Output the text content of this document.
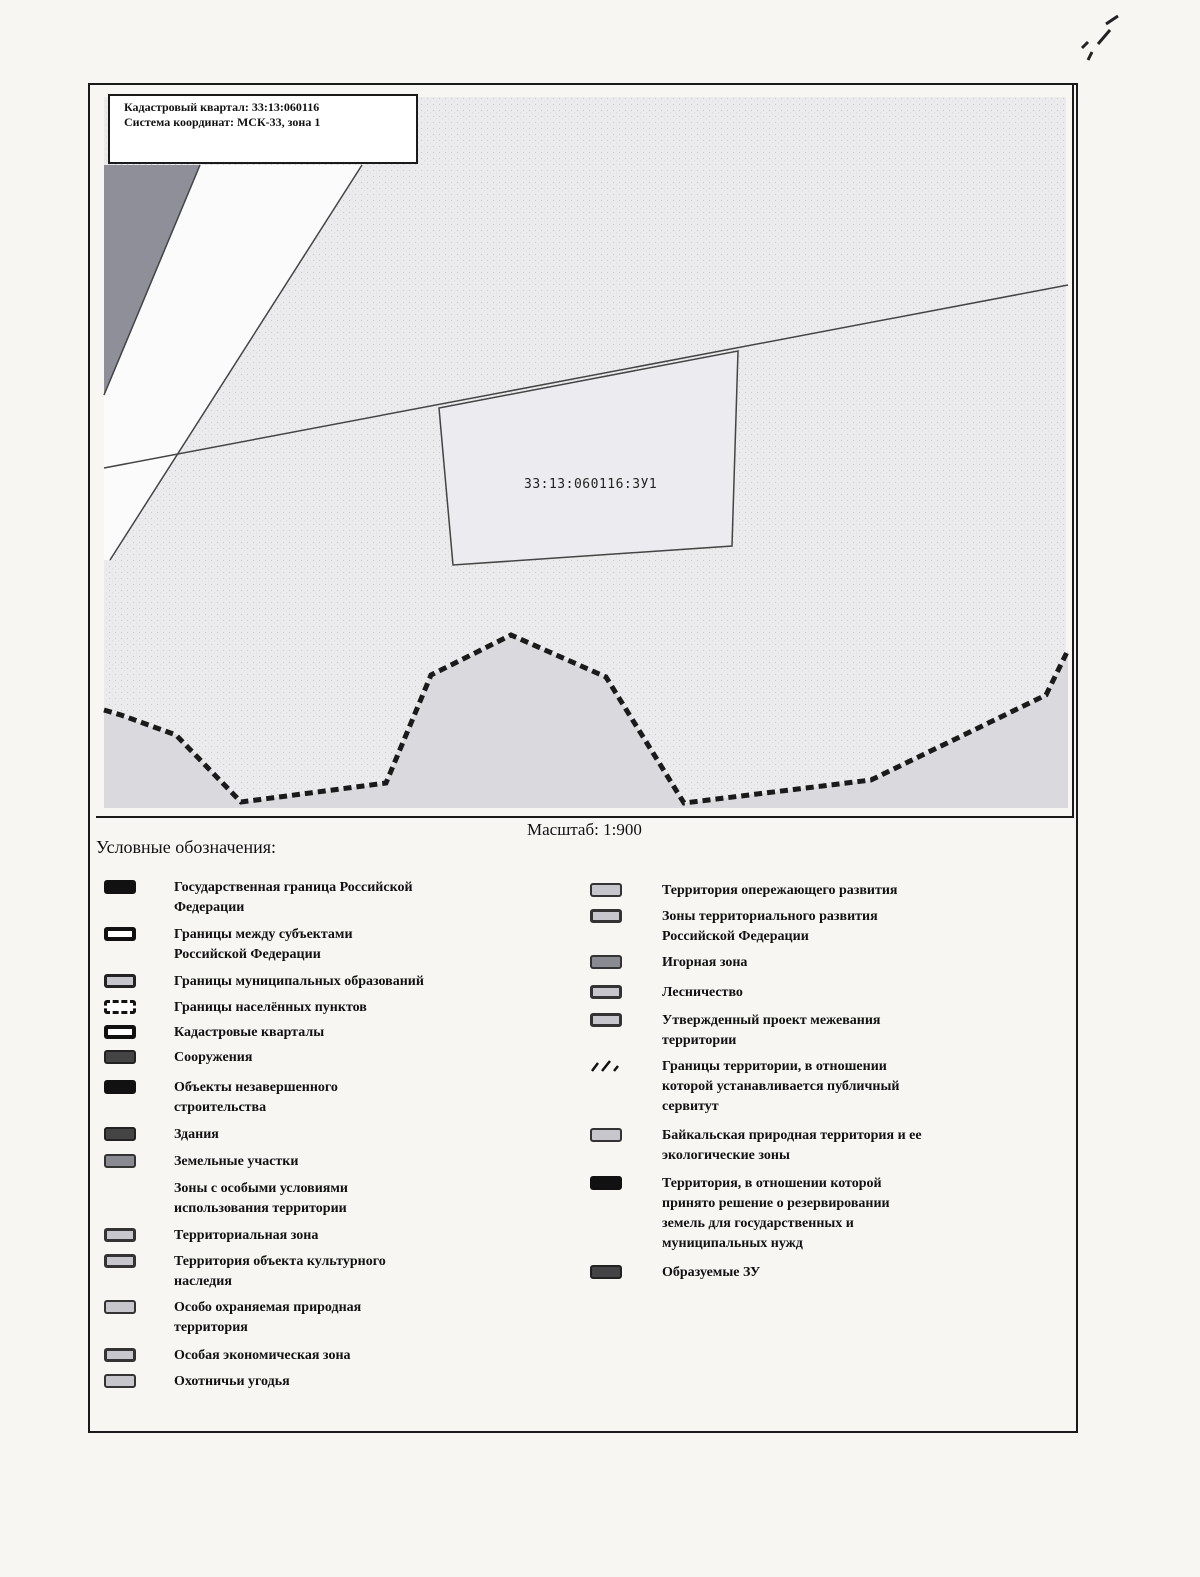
Кадастровый квартал: 33:13:060116
Система координат: МСК-33, зона 1
33:13:060116:ЗУ1
Масштаб: 1:900
Условные обозначения:
Государственная граница Российской Федерации
Границы между субъектами Российской Федерации
Границы муниципальных образований
Границы населённых пунктов
Кадастровые кварталы
Сооружения
Объекты незавершенного строительства
Здания
Земельные участки
Зоны с особыми условиями использования территории
Территориальная зона
Территория объекта культурного наследия
Особо охраняемая природная территория
Особая экономическая зона
Охотничьи угодья
Территория опережающего развития
Зоны территориального развития Российской Федерации
Игорная зона
Лесничество
Утвержденный проект межевания территории
Границы территории, в отношении которой устанавливается публичный сервитут
Байкальская природная территория и ее экологические зоны
Территория, в отношении которой принято решение о резервировании земель для государственных и муниципальных нужд
Образуемые ЗУ
